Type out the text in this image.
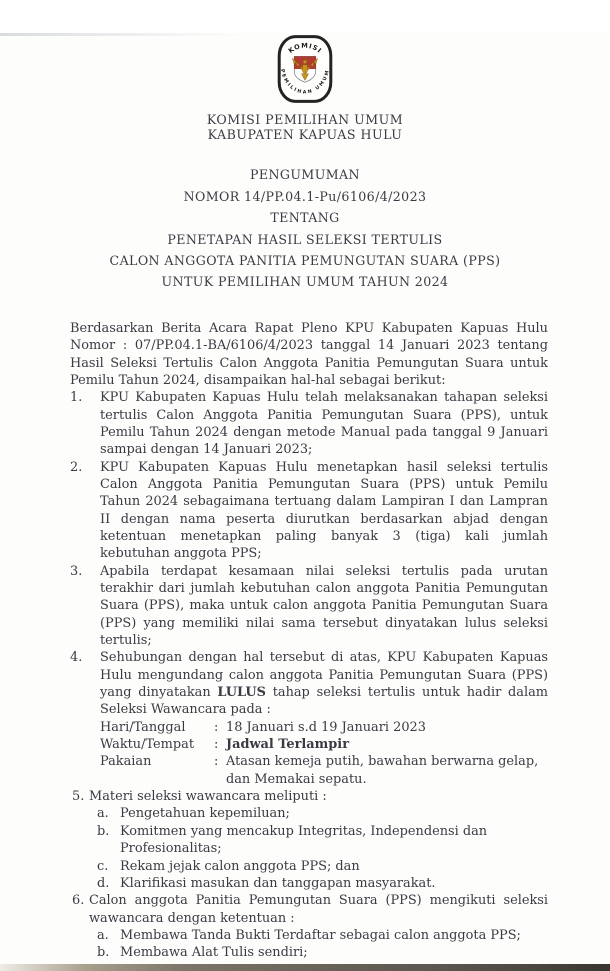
KOMISI
PEMILIHAN UMUM
KOMISI PEMILIHAN UMUM
KABUPATEN KAPUAS HULU
PENGUMUMAN
NOMOR 14/PP.04.1-Pu/6106/4/2023
TENTANG
PENETAPAN HASIL SELEKSI TERTULIS
CALON ANGGOTA PANITIA PEMUNGUTAN SUARA (PPS)
UNTUK PEMILIHAN UMUM TAHUN 2024

Berdasarkan Berita Acara Rapat Pleno KPU Kabupaten Kapuas Hulu Nomor : 07/PP.04.1-BA/6106/4/2023 tanggal 14 Januari 2023 tentang Hasil Seleksi Tertulis Calon Anggota Panitia Pemungutan Suara untuk Pemilu Tahun 2024, disampaikan hal-hal sebagai berikut:

1.	KPU Kabupaten Kapuas Hulu telah melaksanakan tahapan seleksi tertulis Calon Anggota Panitia Pemungutan Suara (PPS), untuk Pemilu Tahun 2024 dengan metode Manual pada tanggal 9 Januari sampai dengan 14 Januari 2023;
2.	KPU Kabupaten Kapuas Hulu menetapkan hasil seleksi tertulis Calon Anggota Panitia Pemungutan Suara (PPS) untuk Pemilu Tahun 2024 sebagaimana tertuang dalam Lampiran I dan Lampran II dengan nama peserta diurutkan berdasarkan abjad dengan ketentuan menetapkan paling banyak 3 (tiga) kali jumlah kebutuhan anggota PPS;
3.	Apabila terdapat kesamaan nilai seleksi tertulis pada urutan terakhir dari jumlah kebutuhan calon anggota Panitia Pemungutan Suara (PPS), maka untuk calon anggota Panitia Pemungutan Suara (PPS) yang memiliki nilai sama tersebut dinyatakan lulus seleksi tertulis;
4.	Sehubungan dengan hal tersebut di atas, KPU Kabupaten Kapuas Hulu mengundang calon anggota Panitia Pemungutan Suara (PPS) yang dinyatakan LULUS tahap seleksi tertulis untuk hadir dalam Seleksi Wawancara pada :
Hari/Tanggal	: 18 Januari s.d 19 Januari 2023
Waktu/Tempat	: Jadwal Terlampir
Pakaian	: Atasan kemeja putih, bawahan berwarna gelap, dan Memakai sepatu.
5. Materi seleksi wawancara meliputi :
a. Pengetahuan kepemiluan;
b. Komitmen yang mencakup Integritas, Independensi dan Profesionalitas;
c. Rekam jejak calon anggota PPS; dan
d. Klarifikasi masukan dan tanggapan masyarakat.
6. Calon anggota Panitia Pemungutan Suara (PPS) mengikuti seleksi wawancara dengan ketentuan :
a. Membawa Tanda Bukti Terdaftar sebagai calon anggota PPS;
b. Membawa Alat Tulis sendiri;
